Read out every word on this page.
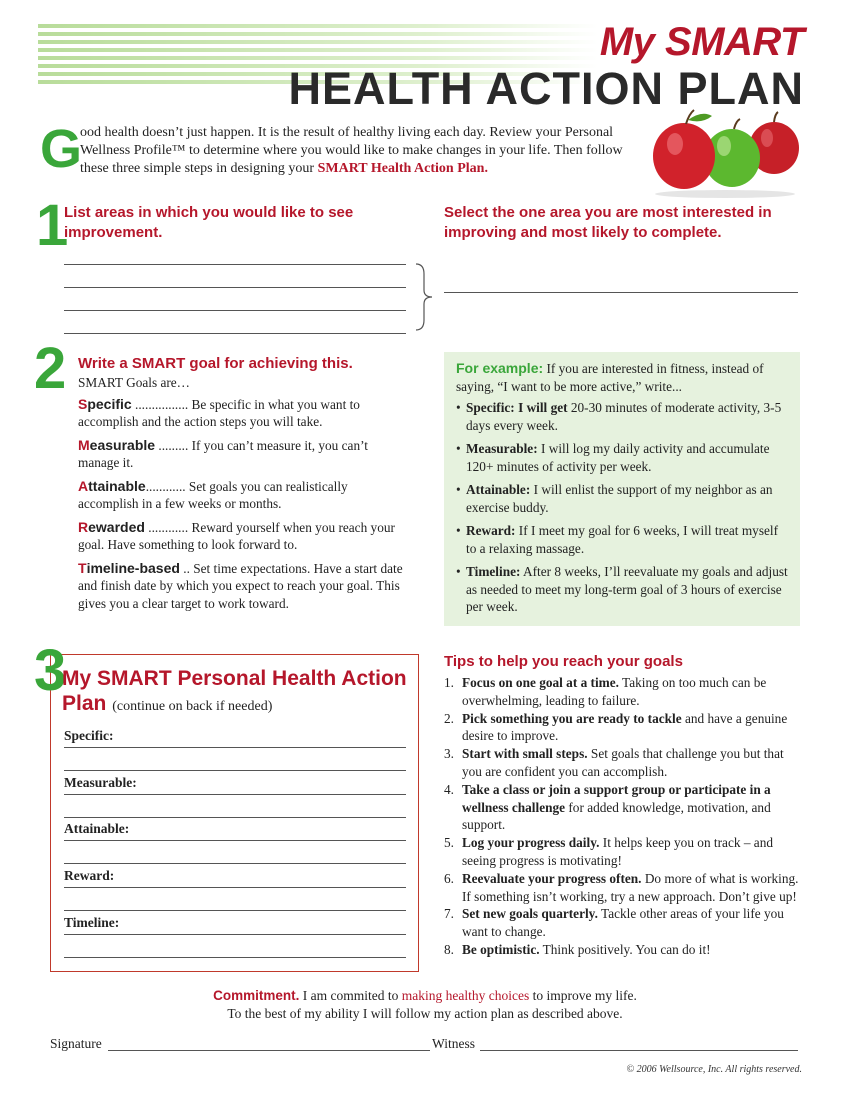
My SMART
HEALTH ACTION PLAN
G
ood health doesn’t just happen. It is the result of healthy living each day. Review your Personal Wellness Profile™ to determine where you would like to make changes in your life. Then follow these three simple steps in designing your SMART Health Action Plan.
1
List areas in which you would like to see improvement.
Select the one area you are most interested in improving and most likely to complete.
2 Write a SMART goal for achieving this.
SMART Goals are…

Specific ................ Be specific in what you want to accomplish and the action steps you will take.

Measurable ......... If you can’t measure it, you can’t manage it.

Attainable............ Set goals you can realistically accomplish in a few weeks or months.

Rewarded ............ Reward yourself when you reach your goal. Have something to look forward to.

Timeline-based .. Set time expectations. Have a start date and finish date by which you expect to reach your goal. This gives you a clear target to work toward.

For example: If you are interested in fitness, instead of saying, “I want to be more active,” write...
• Specific: I will get 20-30 minutes of moderate activity, 3-5 days every week.
• Measurable: I will log my daily activity and accumulate 120+ minutes of activity per week.
• Attainable: I will enlist the support of my neighbor as an exercise buddy.
• Reward: If I meet my goal for 6 weeks, I will treat myself to a relaxing massage.
• Timeline: After 8 weeks, I’ll reevaluate my goals and adjust as needed to meet my long-term goal of 3 hours of exercise per week.
3
My SMART Personal Health Action Plan (continue on back if needed)
Specific:
Measurable:
Attainable:
Reward:
Timeline:
Tips to help you reach your goals
1. Focus on one goal at a time. Taking on too much can be overwhelming, leading to failure.
2. Pick something you are ready to tackle and have a genuine desire to improve.
3. Start with small steps. Set goals that challenge you but that you are confident you can accomplish.
4. Take a class or join a support group or participate in a wellness challenge for added knowledge, motivation, and support.
5. Log your progress daily. It helps keep you on track – and seeing progress is motivating!
6. Reevaluate your progress often. Do more of what is working. If something isn’t working, try a new approach. Don’t give up!
7. Set new goals quarterly. Tackle other areas of your life you want to change.
8. Be optimistic. Think positively. You can do it!
Commitment. I am commited to making healthy choices to improve my life.
To the best of my ability I will follow my action plan as described above.
Signature	Witness
© 2006 Wellsource, Inc. All rights reserved.
